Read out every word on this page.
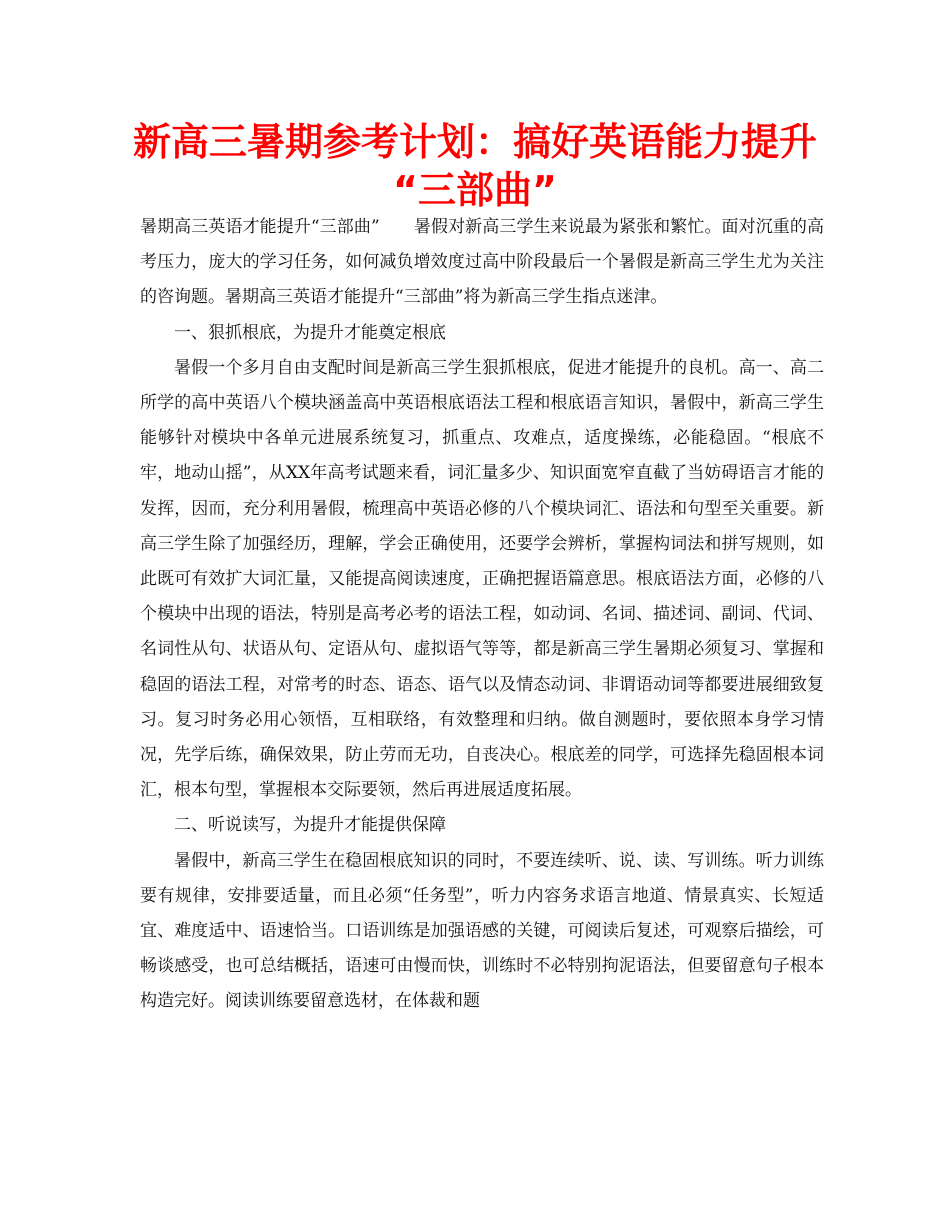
新高三暑期参考计划：搞好英语能力提升
“三部曲”

暑期高三英语才能提升“三部曲”　　暑假对新高三学生来说最为紧张和繁忙。面对沉重的高考压力，庞大的学习任务，如何减负增效度过高中阶段最后一个暑假是新高三学生尤为关注的咨询题。暑期高三英语才能提升“三部曲”将为新高三学生指点迷津。

一、狠抓根底，为提升才能奠定根底

暑假一个多月自由支配时间是新高三学生狠抓根底，促进才能提升的良机。高一、高二所学的高中英语八个模块涵盖高中英语根底语法工程和根底语言知识，暑假中，新高三学生能够针对模块中各单元进展系统复习，抓重点、攻难点，适度操练，必能稳固。“根底不牢，地动山摇”，从XX年高考试题来看，词汇量多少、知识面宽窄直截了当妨碍语言才能的发挥，因而，充分利用暑假，梳理高中英语必修的八个模块词汇、语法和句型至关重要。新高三学生除了加强经历，理解，学会正确使用，还要学会辨析，掌握构词法和拼写规则，如此既可有效扩大词汇量，又能提高阅读速度，正确把握语篇意思。根底语法方面，必修的八个模块中出现的语法，特别是高考必考的语法工程，如动词、名词、描述词、副词、代词、名词性从句、状语从句、定语从句、虚拟语气等等，都是新高三学生暑期必须复习、掌握和稳固的语法工程，对常考的时态、语态、语气以及情态动词、非谓语动词等都要进展细致复习。复习时务必用心领悟，互相联络，有效整理和归纳。做自测题时，要依照本身学习情况，先学后练，确保效果，防止劳而无功，自丧决心。根底差的同学，可选择先稳固根本词汇，根本句型，掌握根本交际要领，然后再进展适度拓展。

二、听说读写，为提升才能提供保障

暑假中，新高三学生在稳固根底知识的同时，不要连续听、说、读、写训练。听力训练要有规律，安排要适量，而且必须“任务型”，听力内容务求语言地道、情景真实、长短适宜、难度适中、语速恰当。口语训练是加强语感的关键，可阅读后复述，可观察后描绘，可畅谈感受，也可总结概括，语速可由慢而快，训练时不必特别拘泥语法，但要留意句子根本构造完好。阅读训练要留意选材，在体裁和题
